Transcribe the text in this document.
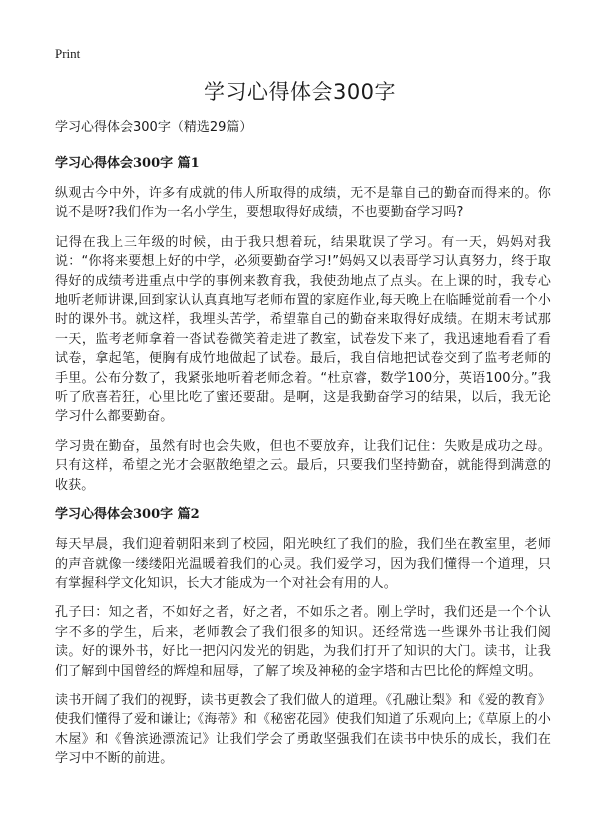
Print
学习心得体会300字

学习心得体会300字（精选29篇）

学习心得体会300字 篇1

纵观古今中外，许多有成就的伟人所取得的成绩，无不是靠自己的勤奋而得来的。你说不是呀?我们作为一名小学生，要想取得好成绩，不也要勤奋学习吗?

记得在我上三年级的时候，由于我只想着玩，结果耽误了学习。有一天，妈妈对我说：“你将来要想上好的中学，必须要勤奋学习!”妈妈又以表哥学习认真努力，终于取得好的成绩考进重点中学的事例来教育我，我使劲地点了点头。在上课的时，我专心地听老师讲课,回到家认认真真地写老师布置的家庭作业,每天晚上在临睡觉前看一个小时的课外书。就这样，我埋头苦学，希望靠自己的勤奋来取得好成绩。在期末考试那一天，监考老师拿着一沓试卷微笑着走进了教室，试卷发下来了，我迅速地看看了看试卷，拿起笔，便胸有成竹地做起了试卷。最后，我自信地把试卷交到了监考老师的手里。公布分数了，我紧张地听着老师念着。“杜京睿，数学100分，英语100分。”我听了欣喜若狂，心里比吃了蜜还要甜。是啊，这是我勤奋学习的结果，以后，我无论学习什么都要勤奋。

学习贵在勤奋，虽然有时也会失败，但也不要放弃，让我们记住：失败是成功之母。只有这样，希望之光才会驱散绝望之云。最后，只要我们坚持勤奋，就能得到满意的收获。

学习心得体会300字 篇2

每天早晨，我们迎着朝阳来到了校园，阳光映红了我们的脸，我们坐在教室里，老师的声音就像一缕缕阳光温暖着我们的心灵。我们爱学习，因为我们懂得一个道理，只有掌握科学文化知识，长大才能成为一个对社会有用的人。

孔子曰：知之者，不如好之者，好之者，不如乐之者。刚上学时，我们还是一个个认字不多的学生，后来，老师教会了我们很多的知识。还经常选一些课外书让我们阅读。好的课外书，好比一把闪闪发光的钥匙，为我们打开了知识的大门。读书，让我们了解到中国曾经的辉煌和屈辱，了解了埃及神秘的金字塔和古巴比伦的辉煌文明。

读书开阔了我们的视野，读书更教会了我们做人的道理。《孔融让梨》和《爱的教育》使我们懂得了爱和谦让;《海蒂》和《秘密花园》使我们知道了乐观向上;《草原上的小木屋》和《鲁滨逊漂流记》让我们学会了勇敢坚强我们在读书中快乐的成长，我们在学习中不断的前进。
